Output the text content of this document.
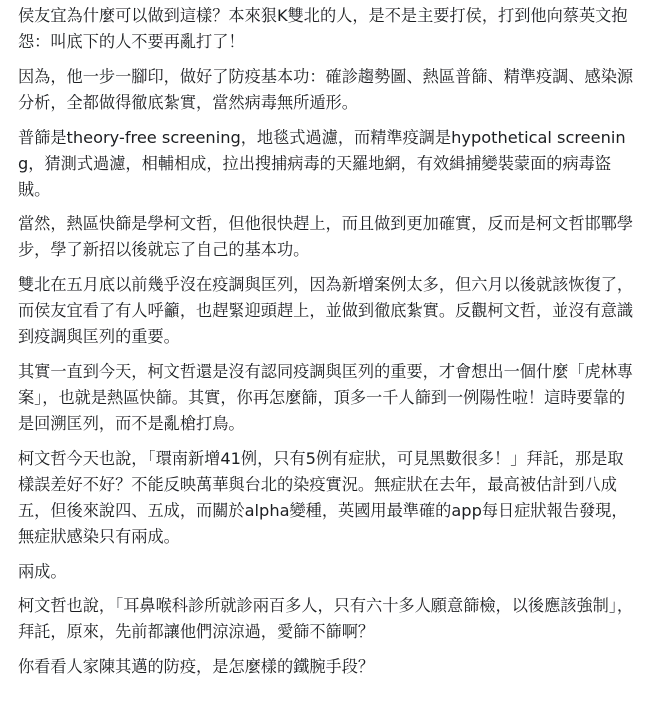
侯友宜為什麼可以做到這樣？本來狠K雙北的人，是不是主要打侯，打到他向蔡英文抱怨：叫底下的人不要再亂打了！

因為，他一步一腳印，做好了防疫基本功：確診趨勢圖、熱區普篩、精準疫調、感染源分析，全都做得徹底紮實，當然病毒無所遁形。

普篩是theory-free screening，地毯式過濾，而精準疫調是hypothetical screening，猜測式過濾，相輔相成，拉出搜捕病毒的天羅地網，有效緝捕變裝蒙面的病毒盜賊。

當然，熱區快篩是學柯文哲，但他很快趕上，而且做到更加確實，反而是柯文哲邯鄲學步，學了新招以後就忘了自己的基本功。

雙北在五月底以前幾乎沒在疫調與匡列，因為新增案例太多，但六月以後就該恢復了，而侯友宜看了有人呼籲，也趕緊迎頭趕上，並做到徹底紮實。反觀柯文哲，並沒有意識到疫調與匡列的重要。

其實一直到今天，柯文哲還是沒有認同疫調與匡列的重要，才會想出一個什麼「虎林專案」，也就是熱區快篩。其實，你再怎麼篩，頂多一千人篩到一例陽性啦！這時要靠的是回溯匡列，而不是亂槍打鳥。

柯文哲今天也說，「環南新增41例，只有5例有症狀，可見黑數很多！」拜託，那是取樣誤差好不好？不能反映萬華與台北的染疫實況。無症狀在去年，最高被估計到八成五，但後來說四、五成，而關於alpha變種，英國用最準確的app每日症狀報告發現，無症狀感染只有兩成。

兩成。

柯文哲也說，「耳鼻喉科診所就診兩百多人，只有六十多人願意篩檢，以後應該強制」，拜託，原來，先前都讓他們涼涼過，愛篩不篩啊？

你看看人家陳其邁的防疫，是怎麼樣的鐵腕手段？
